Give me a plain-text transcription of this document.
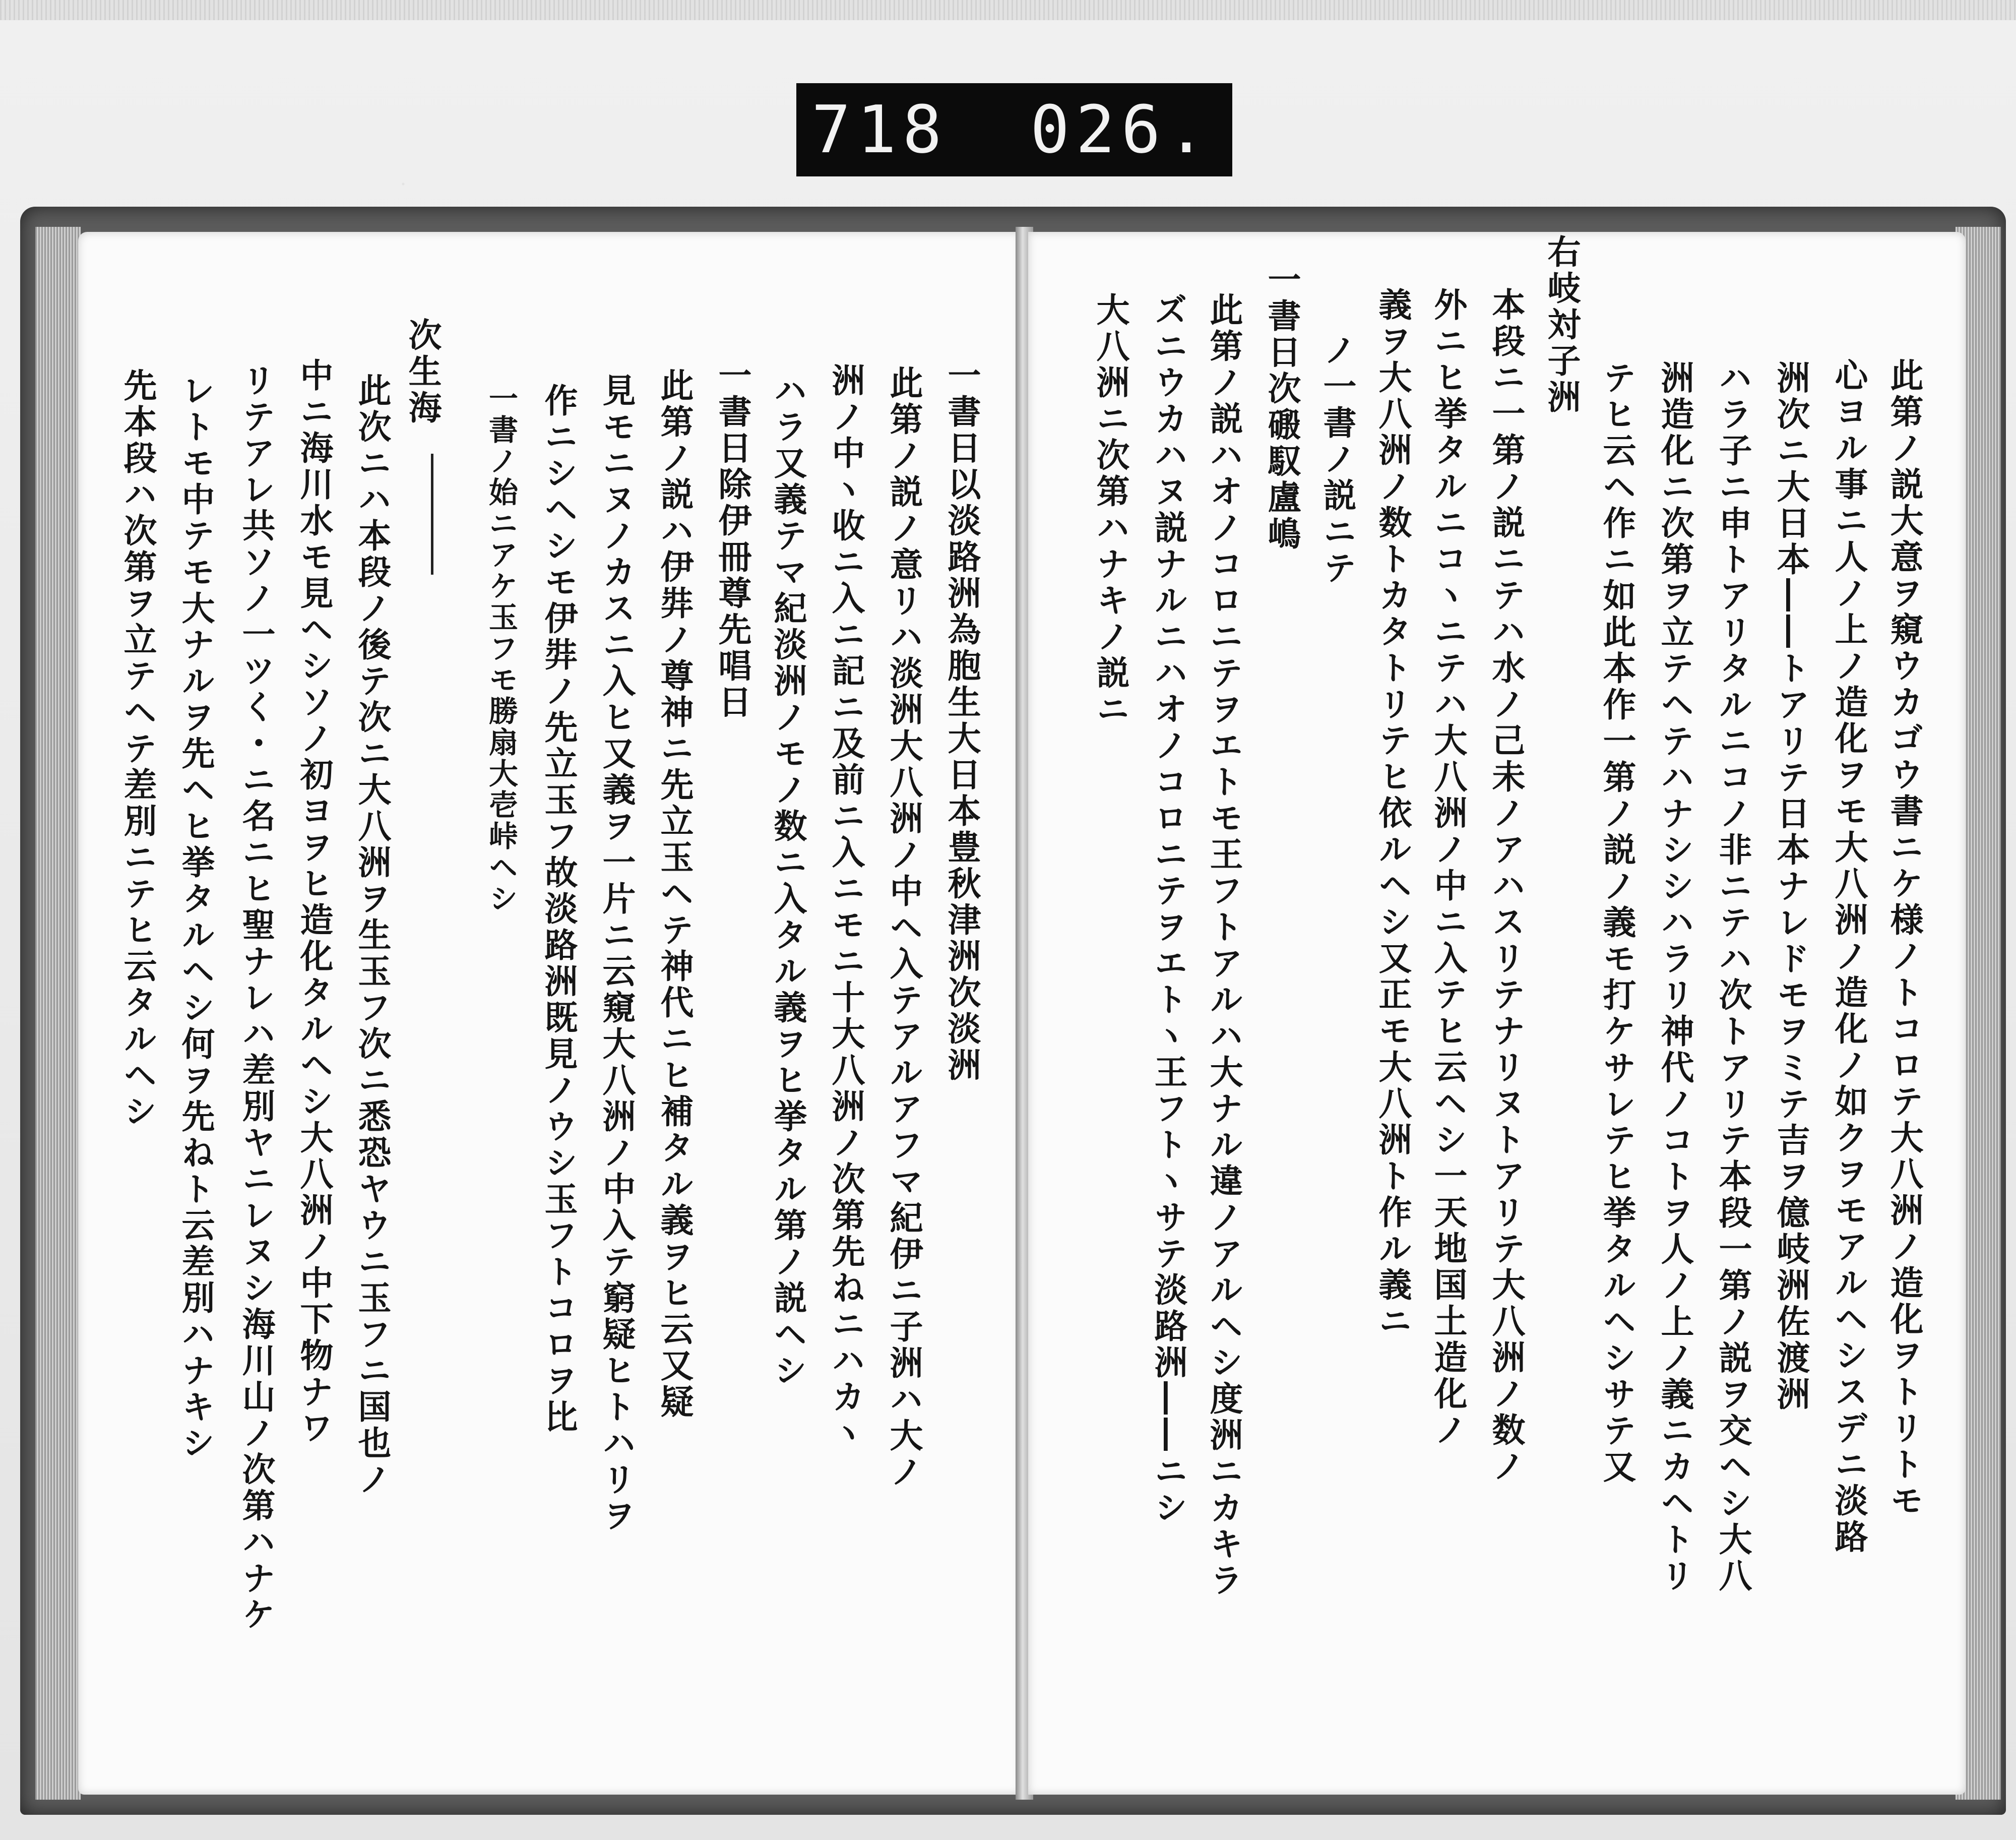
718 026.
一書日以淡路洲為胞生大日本豊秋津洲次淡洲
此第ノ説ノ意リハ淡洲大八洲ノ中ヘ入テアルアフマ紀伊ニ子洲ハ大ノ
洲ノ中ヽ收ニ入ニ記ニ及前ニ入ニモニ十大八洲ノ次第先ねニハカヽ
ハラ又義テマ紀淡洲ノモノ数ニ入タル義ヲヒ挙タル第ノ説ヘシ
一書日除伊冊尊先唱日
此第ノ説ハ伊弉ノ尊神ニ先立玉ヘテ神代ニヒ補タル義ヲヒ云又疑
見モニヌノカスニ入ヒ又義ヲ一片ニ云窺大八洲ノ中入テ窮疑ヒトハリヲ
作ニシヘシモ伊弉ノ先立玉フ故淡路洲既見ノウシ玉フトコロヲ比
一書ノ始ニアケ玉フモ勝扇大壱峠ヘシ
次生海
此次ニハ本段ノ後テ次ニ大八洲ヲ生玉フ次ニ悉恐ヤウニ玉フニ国也ノ
中ニ海川水モ見ヘシソノ初ヨヲヒ造化タルヘシ大八洲ノ中下物ナワ
リテアレ共ソノ一ツく・ニ名ニヒ聖ナレハ差別ヤニレヌシ海川山ノ次第ハナケ
レトモ中テモ大ナルヲ先ヘヒ挙タルヘシ何ヲ先ねト云差別ハナキシ
先本段ハ次第ヲ立テヘテ差別ニテヒ云タルヘシ	此第ノ説大意ヲ窺ウカゴウ書ニケ様ノトコロテ大八洲ノ造化ヲトリトモ
心ヨル事ニ人ノ上ノ造化ヲモ大八洲ノ造化ノ如クヲモアルヘシスデニ淡路
洲次ニ大日本――トアリテ日本ナレドモヲミテ吉ヲ億岐洲佐渡洲
ハラ子ニ申トアリタルニコノ非ニテハ次トアリテ本段一第ノ説ヲ交ヘシ大八
洲造化ニ次第ヲ立テヘテハナシシハラリ神代ノコトヲ人ノ上ノ義ニカヘトリ
テヒ云ヘ作ニ如此本作一第ノ説ノ義モ打ケサレテヒ挙タルヘシサテ又
右岐対子洲
本段ニ一第ノ説ニテハ水ノ己未ノアハスリテナリヌトアリテ大八洲ノ数ノ
外ニヒ挙タルニコヽニテハ大八洲ノ中ニ入テヒ云ヘシ一天地国土造化ノ
義ヲ大八洲ノ数トカタトリテヒ依ルヘシ又正モ大八洲ト作ル義ニ
ノ一書ノ説ニテ
一書日次磤馭盧嶋
此第ノ説ハオノコロニテヲエトモ王フトアルハ大ナル違ノアルヘシ度洲ニカキラ
ズニウカハヌ説ナルニハオノコロニテヲエトヽ王フトヽサテ淡路洲――ニシ
大八洲ニ次第ハナキノ説ニ
